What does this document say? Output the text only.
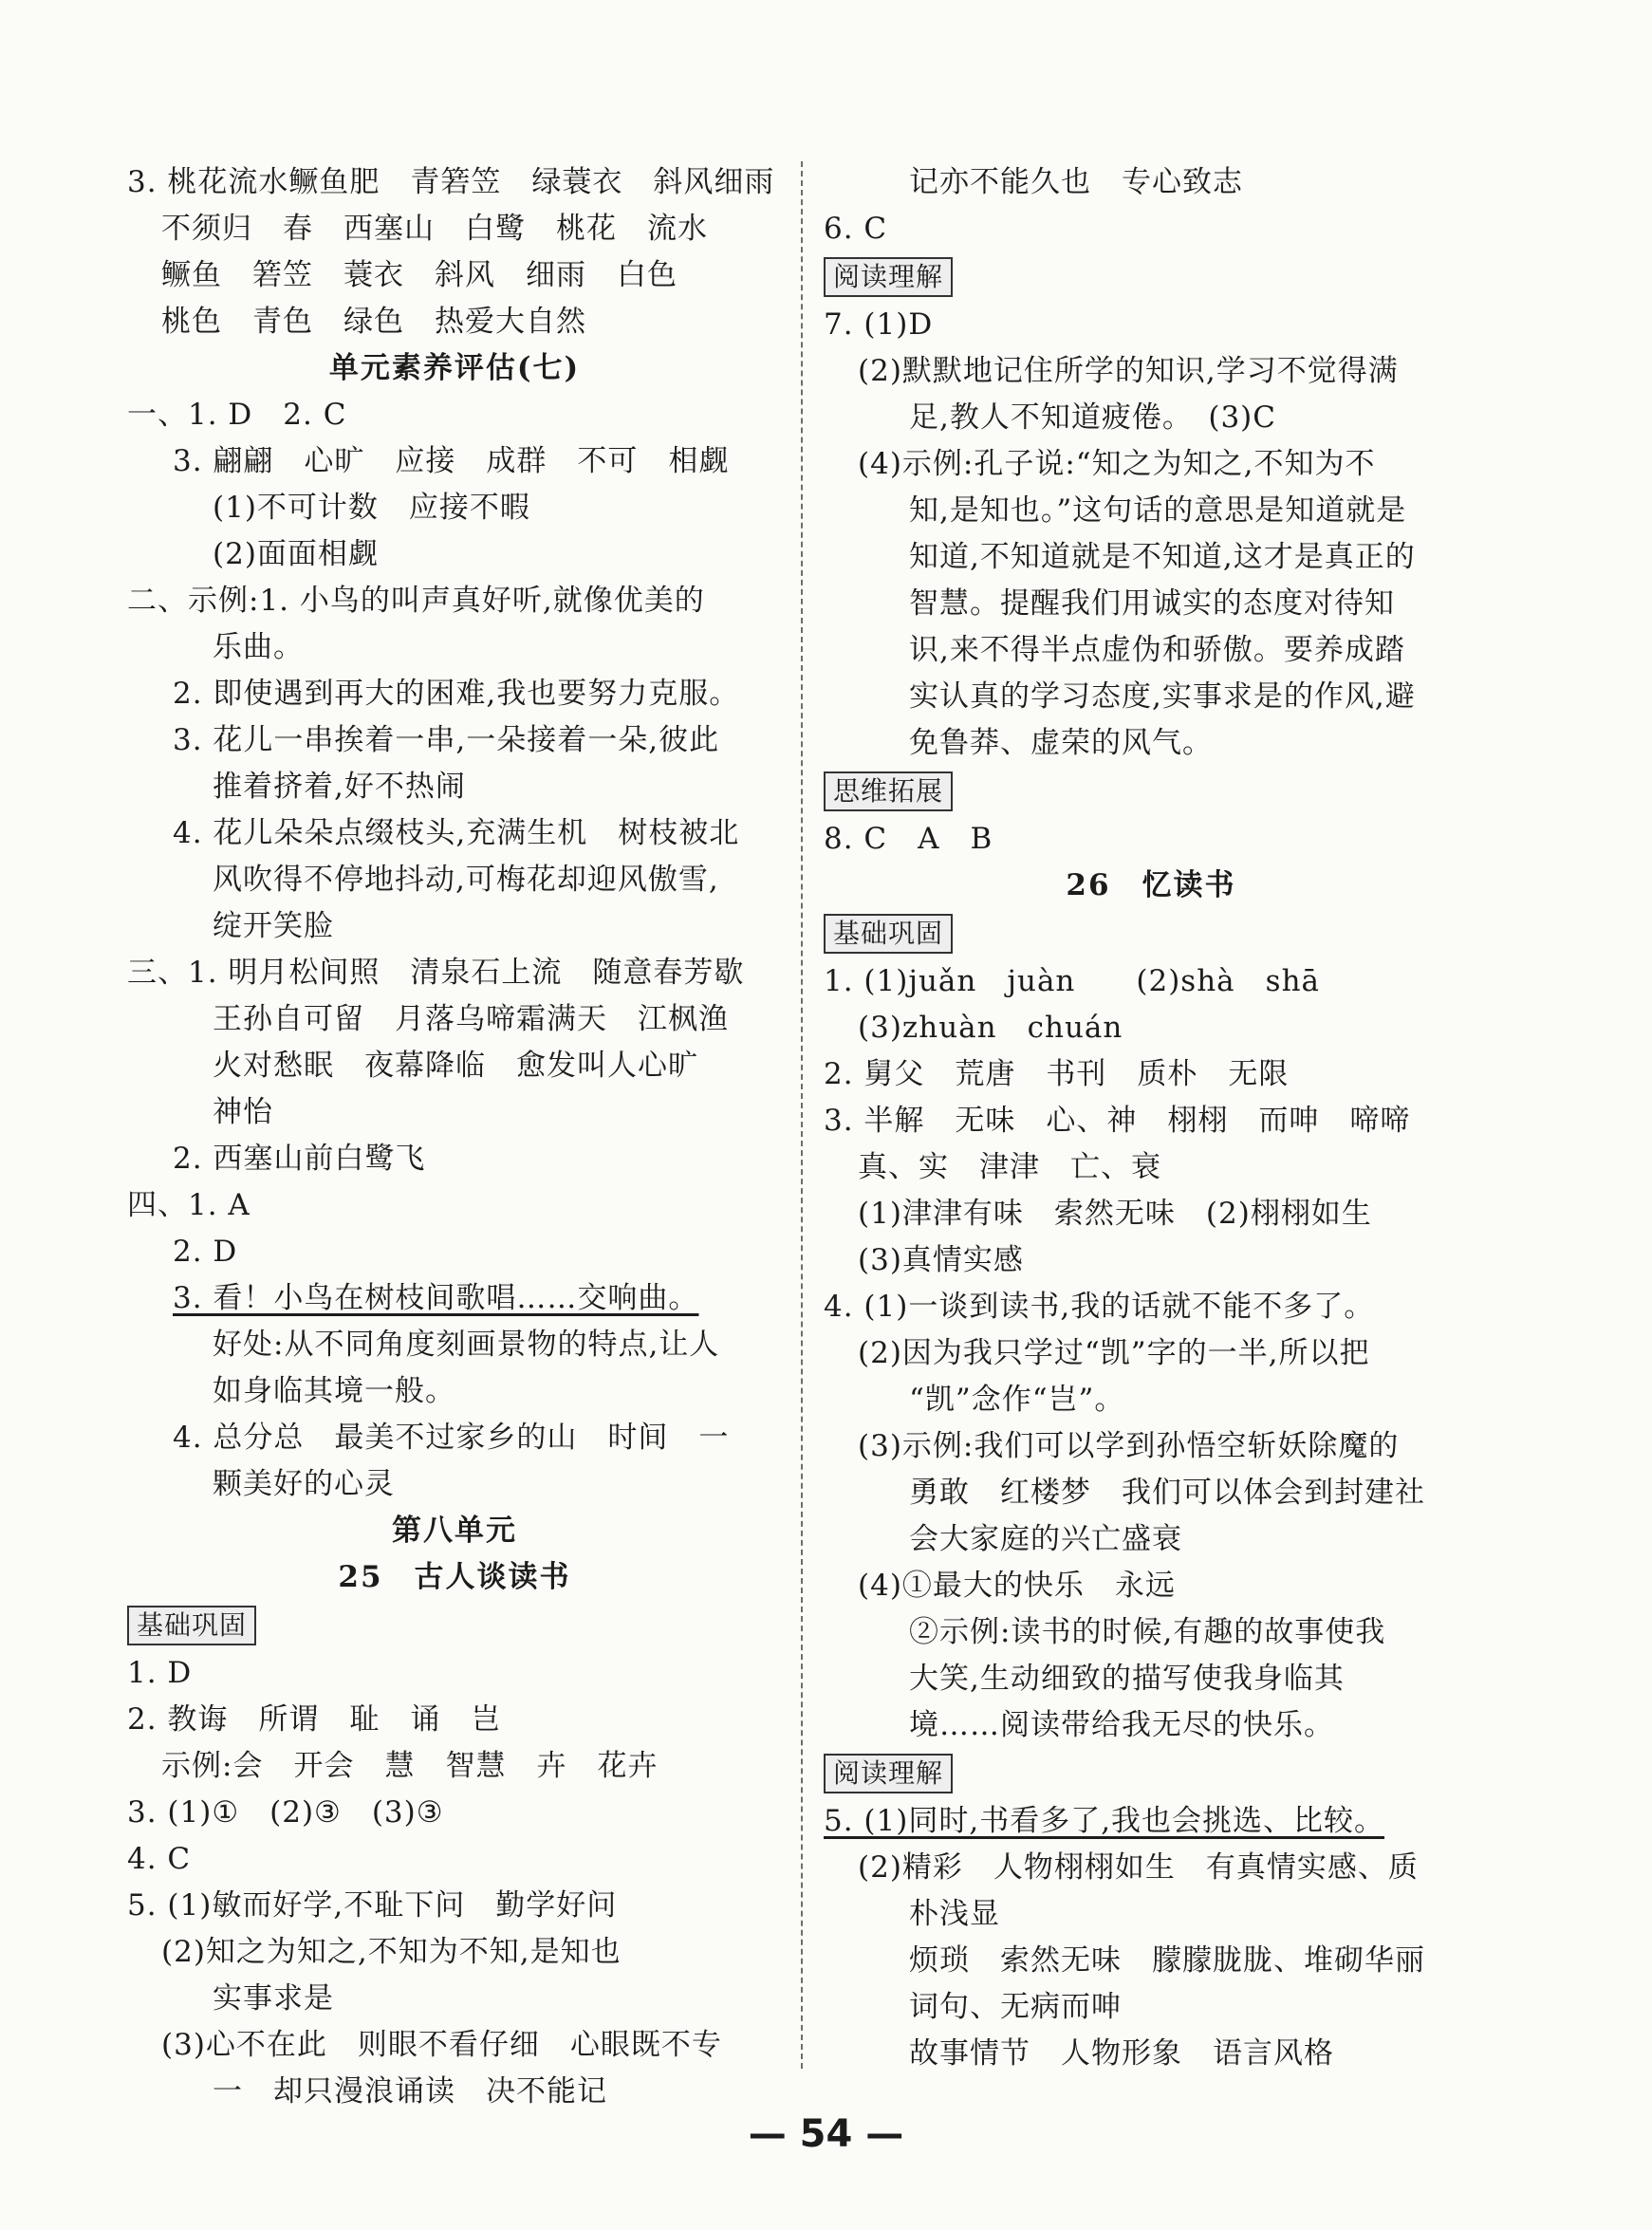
3. 桃花流水鳜鱼肥　青箬笠　绿蓑衣　斜风细雨
不须归　春　西塞山　白鹭　桃花　流水
鳜鱼　箬笠　蓑衣　斜风　细雨　白色
桃色　青色　绿色　热爱大自然
单元素养评估(七)
一、1. D　2. C
3. 翩翩　心旷　应接　成群　不可　相觑
(1)不可计数　应接不暇
(2)面面相觑
二、示例:1. 小鸟的叫声真好听,就像优美的
乐曲。
2. 即使遇到再大的困难,我也要努力克服。
3. 花儿一串挨着一串,一朵接着一朵,彼此
推着挤着,好不热闹
4. 花儿朵朵点缀枝头,充满生机　树枝被北
风吹得不停地抖动,可梅花却迎风傲雪,
绽开笑脸
三、1. 明月松间照　清泉石上流　随意春芳歇
王孙自可留　月落乌啼霜满天　江枫渔
火对愁眠　夜幕降临　愈发叫人心旷
神怡
2. 西塞山前白鹭飞
四、1. A
2. D
3. 看！小鸟在树枝间歌唱……交响曲。
好处:从不同角度刻画景物的特点,让人
如身临其境一般。
4. 总分总　最美不过家乡的山　时间　一
颗美好的心灵
第八单元
25　古人谈读书
基础巩固
1. D
2. 教诲　所谓　耻　诵　岂
示例:会　开会　慧　智慧　卉　花卉
3. (1)①　(2)③　(3)③
4. C
5. (1)敏而好学,不耻下问　勤学好问
(2)知之为知之,不知为不知,是知也
实事求是
(3)心不在此　则眼不看仔细　心眼既不专
一　却只漫浪诵读　决不能记
记亦不能久也　专心致志
6. C
阅读理解
7. (1)D
(2)默默地记住所学的知识,学习不觉得满
足,教人不知道疲倦。　(3)C
(4)示例:孔子说:“知之为知之,不知为不
知,是知也。”这句话的意思是知道就是
知道,不知道就是不知道,这才是真正的
智慧。提醒我们用诚实的态度对待知
识,来不得半点虚伪和骄傲。要养成踏
实认真的学习态度,实事求是的作风,避
免鲁莽、虚荣的风气。
思维拓展
8. C　A　B
26　忆读书
基础巩固
1. (1)juǎn　juàn　　(2)shà　shā
(3)zhuàn　chuán
2. 舅父　荒唐　书刊　质朴　无限
3. 半解　无味　心、神　栩栩　而呻　啼啼
真、实　津津　亡、衰
(1)津津有味　索然无味　(2)栩栩如生
(3)真情实感
4. (1)一谈到读书,我的话就不能不多了。
(2)因为我只学过“凯”字的一半,所以把
“凯”念作“岂”。
(3)示例:我们可以学到孙悟空斩妖除魔的
勇敢　红楼梦　我们可以体会到封建社
会大家庭的兴亡盛衰
(4)①最大的快乐　永远
②示例:读书的时候,有趣的故事使我
大笑,生动细致的描写使我身临其
境……阅读带给我无尽的快乐。
阅读理解
5. (1)同时,书看多了,我也会挑选、比较。
(2)精彩　人物栩栩如生　有真情实感、质
朴浅显
烦琐　索然无味　朦朦胧胧、堆砌华丽
词句、无病而呻
故事情节　人物形象　语言风格
— 54 —
